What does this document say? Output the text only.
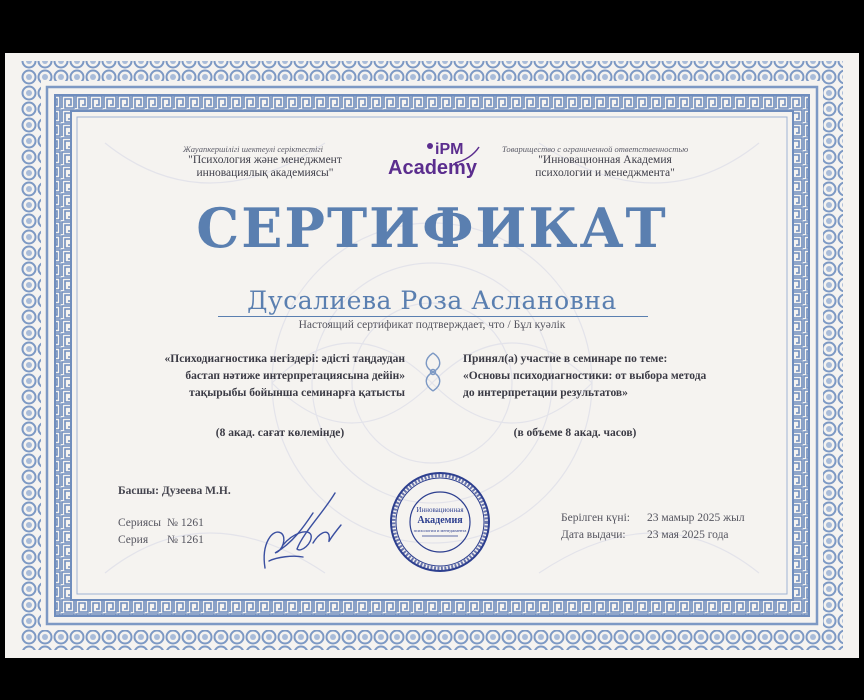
Жауапкершілігі шектеулі серіктестігі
"Психология және менеджмент
инновациялық академиясы"
iPM
Academy
Товарищество с ограниченной ответственностью
"Инновационная Академия
психологии и менеджмента"
СЕРТИФИКАТ
Дусалиева Роза Аслановна
Настоящий сертификат подтверждает, что / Бұл куәлік
«Психодиагностика негіздері: әдісті таңдаудан
бастап нәтиже интерпретациясына дейін»
тақырыбы бойынша семинарға қатысты
(8 акад. сағат көлемінде)
Принял(а) участие в семинаре по теме:
«Основы психодиагностики: от выбора метода
до интерпретации результатов»
(в объеме 8 акад. часов)
Басшы: Дузеева М.Н.
Сериясы № 1261
Серия № 1261
Инновационная
Академия
психологии и менеджмента
Берілген күні: 23 мамыр 2025 жыл
Дата выдачи: 23 мая 2025 года
